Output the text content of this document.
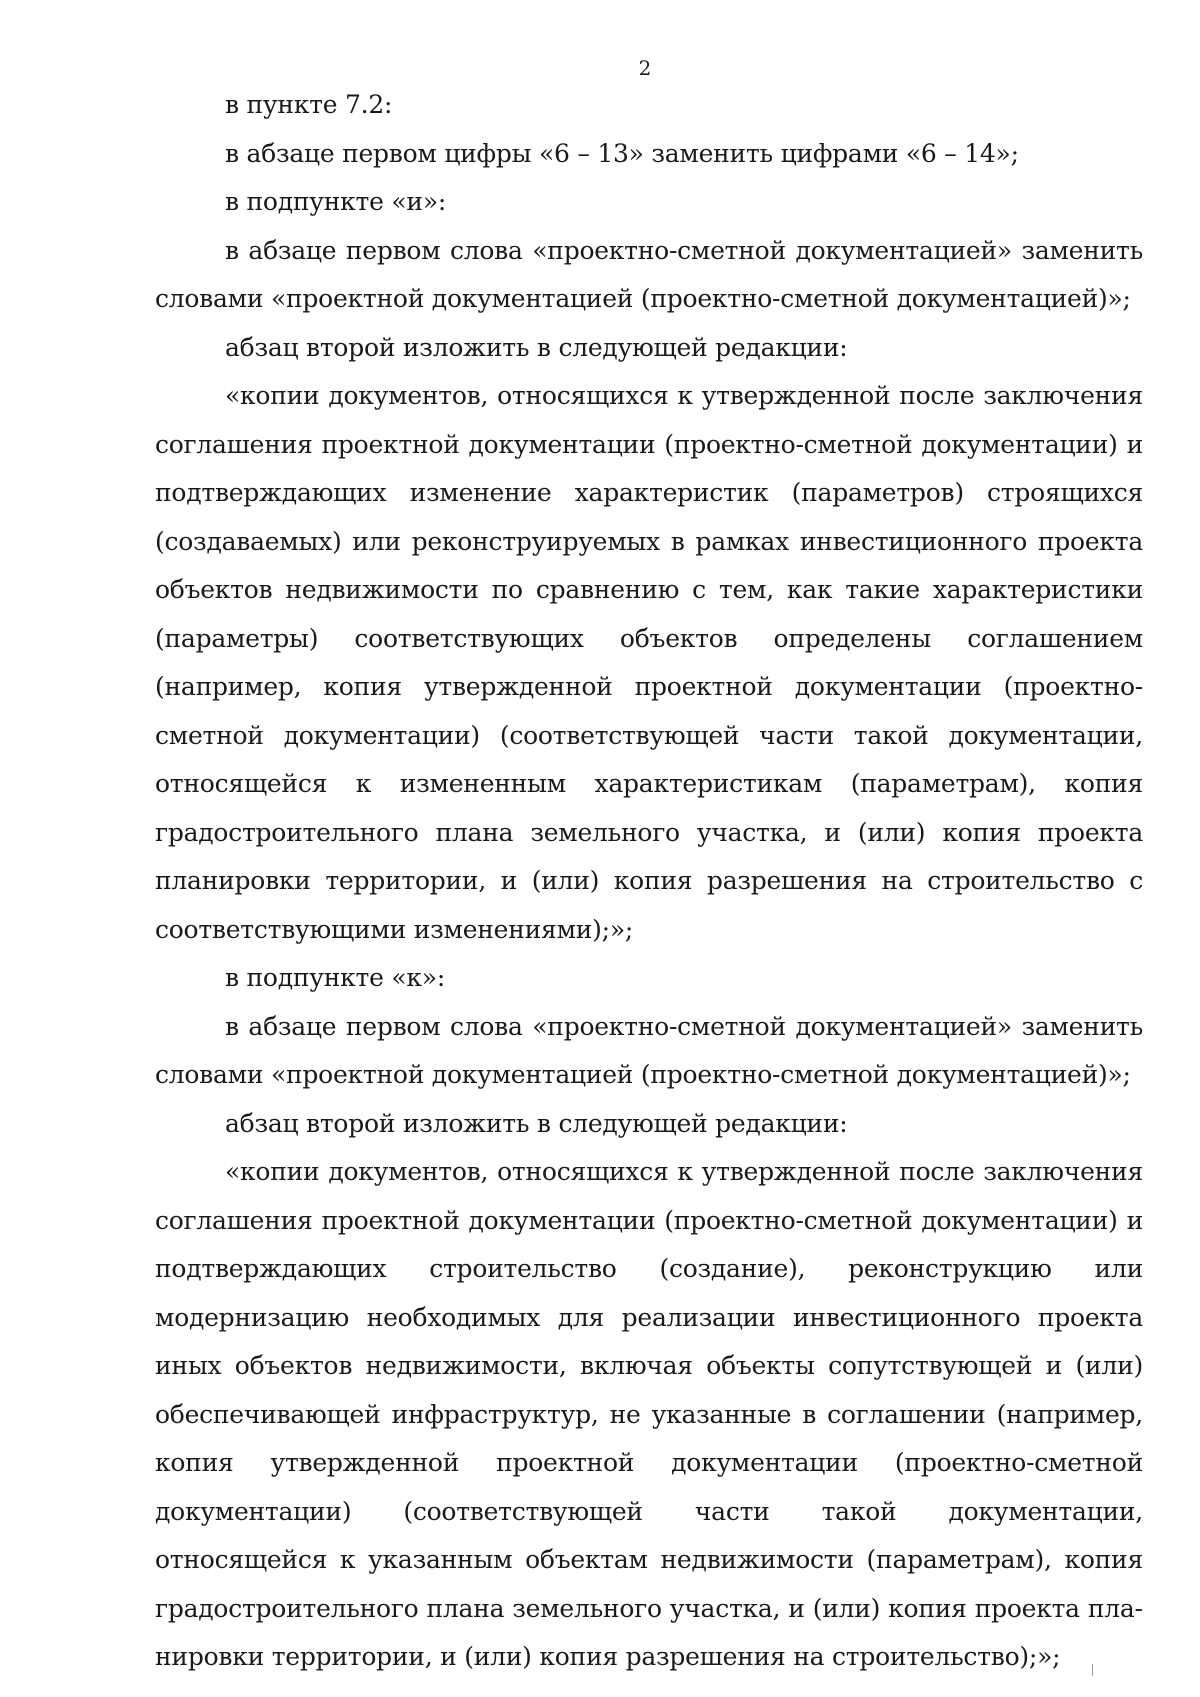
2

в пункте 7.2:

в абзаце первом цифры «6 – 13» заменить цифрами «6 – 14»;

в подпункте «и»:

в абзаце первом слова «проектно-сметной документацией» заменить словами «проектной документацией (проектно-сметной документацией)»;

абзац второй изложить в следующей редакции:

«копии документов, относящихся к утвержденной после заключения соглашения проектной документации (проектно-сметной документации) и подтверждающих изменение характеристик (параметров) строящихся (создаваемых) или реконструируемых в рамках инвестиционного проекта объектов недвижимости по сравнению с тем, как такие характеристики (параметры) соответствующих объектов определены соглашением (например, копия утвержденной проектной документации (проектно-сметной документации) (соответствующей части такой документации, относящейся к измененным характеристикам (параметрам), копия градостроительного плана земельного участка, и (или) копия проекта планировки территории, и (или) копия разрешения на строительство с соответствующими изменениями);»;

в подпункте «к»:

в абзаце первом слова «проектно-сметной документацией» заменить словами «проектной документацией (проектно-сметной документацией)»;

абзац второй изложить в следующей редакции:

«копии документов, относящихся к утвержденной после заключения соглашения проектной документации (проектно-сметной документации) и подтверждающих строительство (создание), реконструкцию или модернизацию необходимых для реализации инвестиционного проекта иных объектов недвижимости, включая объекты сопутствующей и (или) обеспечивающей инфраструктур, не указанные в соглашении (например, копия утвержденной проектной документации (проектно-сметной документации) (соответствующей части такой документации, относящейся к указанным объектам недвижимости (параметрам), копия градостроительного плана земельного участка, и (или) копия проекта планировки территории, и (или) копия разрешения на строительство);»;
